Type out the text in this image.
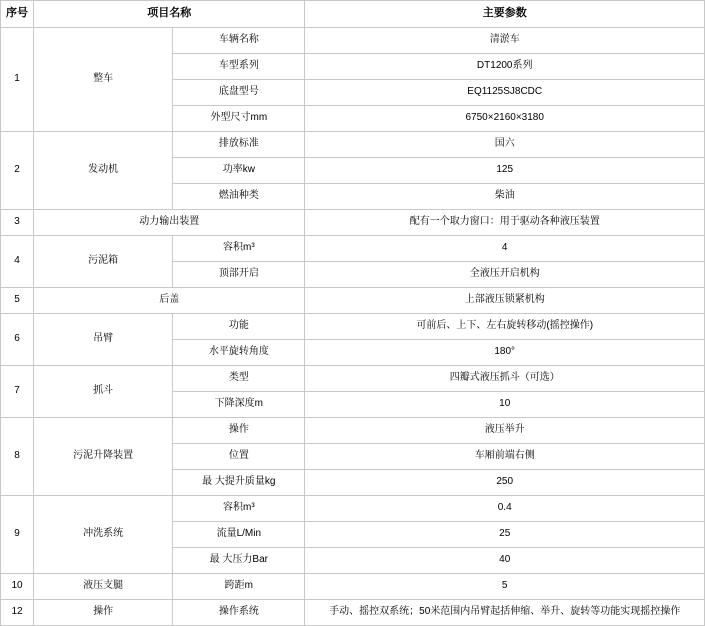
序号	项目名称		主要参数
1	整车	车辆名称	清淤车
		车型系列	DT1200系列
		底盘型号	EQ1125SJ8CDC
		外型尺寸mm	6750×2160×3180
2	发动机	排放标准	国六
		功率kw	125
		燃油种类	柴油
3	动力输出装置		配有一个取力窗口：用于驱动各种液压装置
4	污泥箱	容积m³	4
		顶部开启	全液压开启机构
5	后盖		上部液压锁紧机构
6	吊臂	功能	可前后、上下、左右旋转移动(摇控操作)
		水平旋转角度	180°
7	抓斗	类型	四瓣式液压抓斗（可选）
		下降深度m	10
8	污泥升降装置	操作	液压举升
		位置	车厢前端右侧
		最 大提升质量kg	250
9	冲洗系统	容积m³	0.4
		流量L/Min	25
		最 大压力Bar	40
10	液压支腿	跨距m	5
12	操作	操作系统	手动、摇控双系统；50米范围内吊臂起括伸缩、举升、旋转等功能实现摇控操作
